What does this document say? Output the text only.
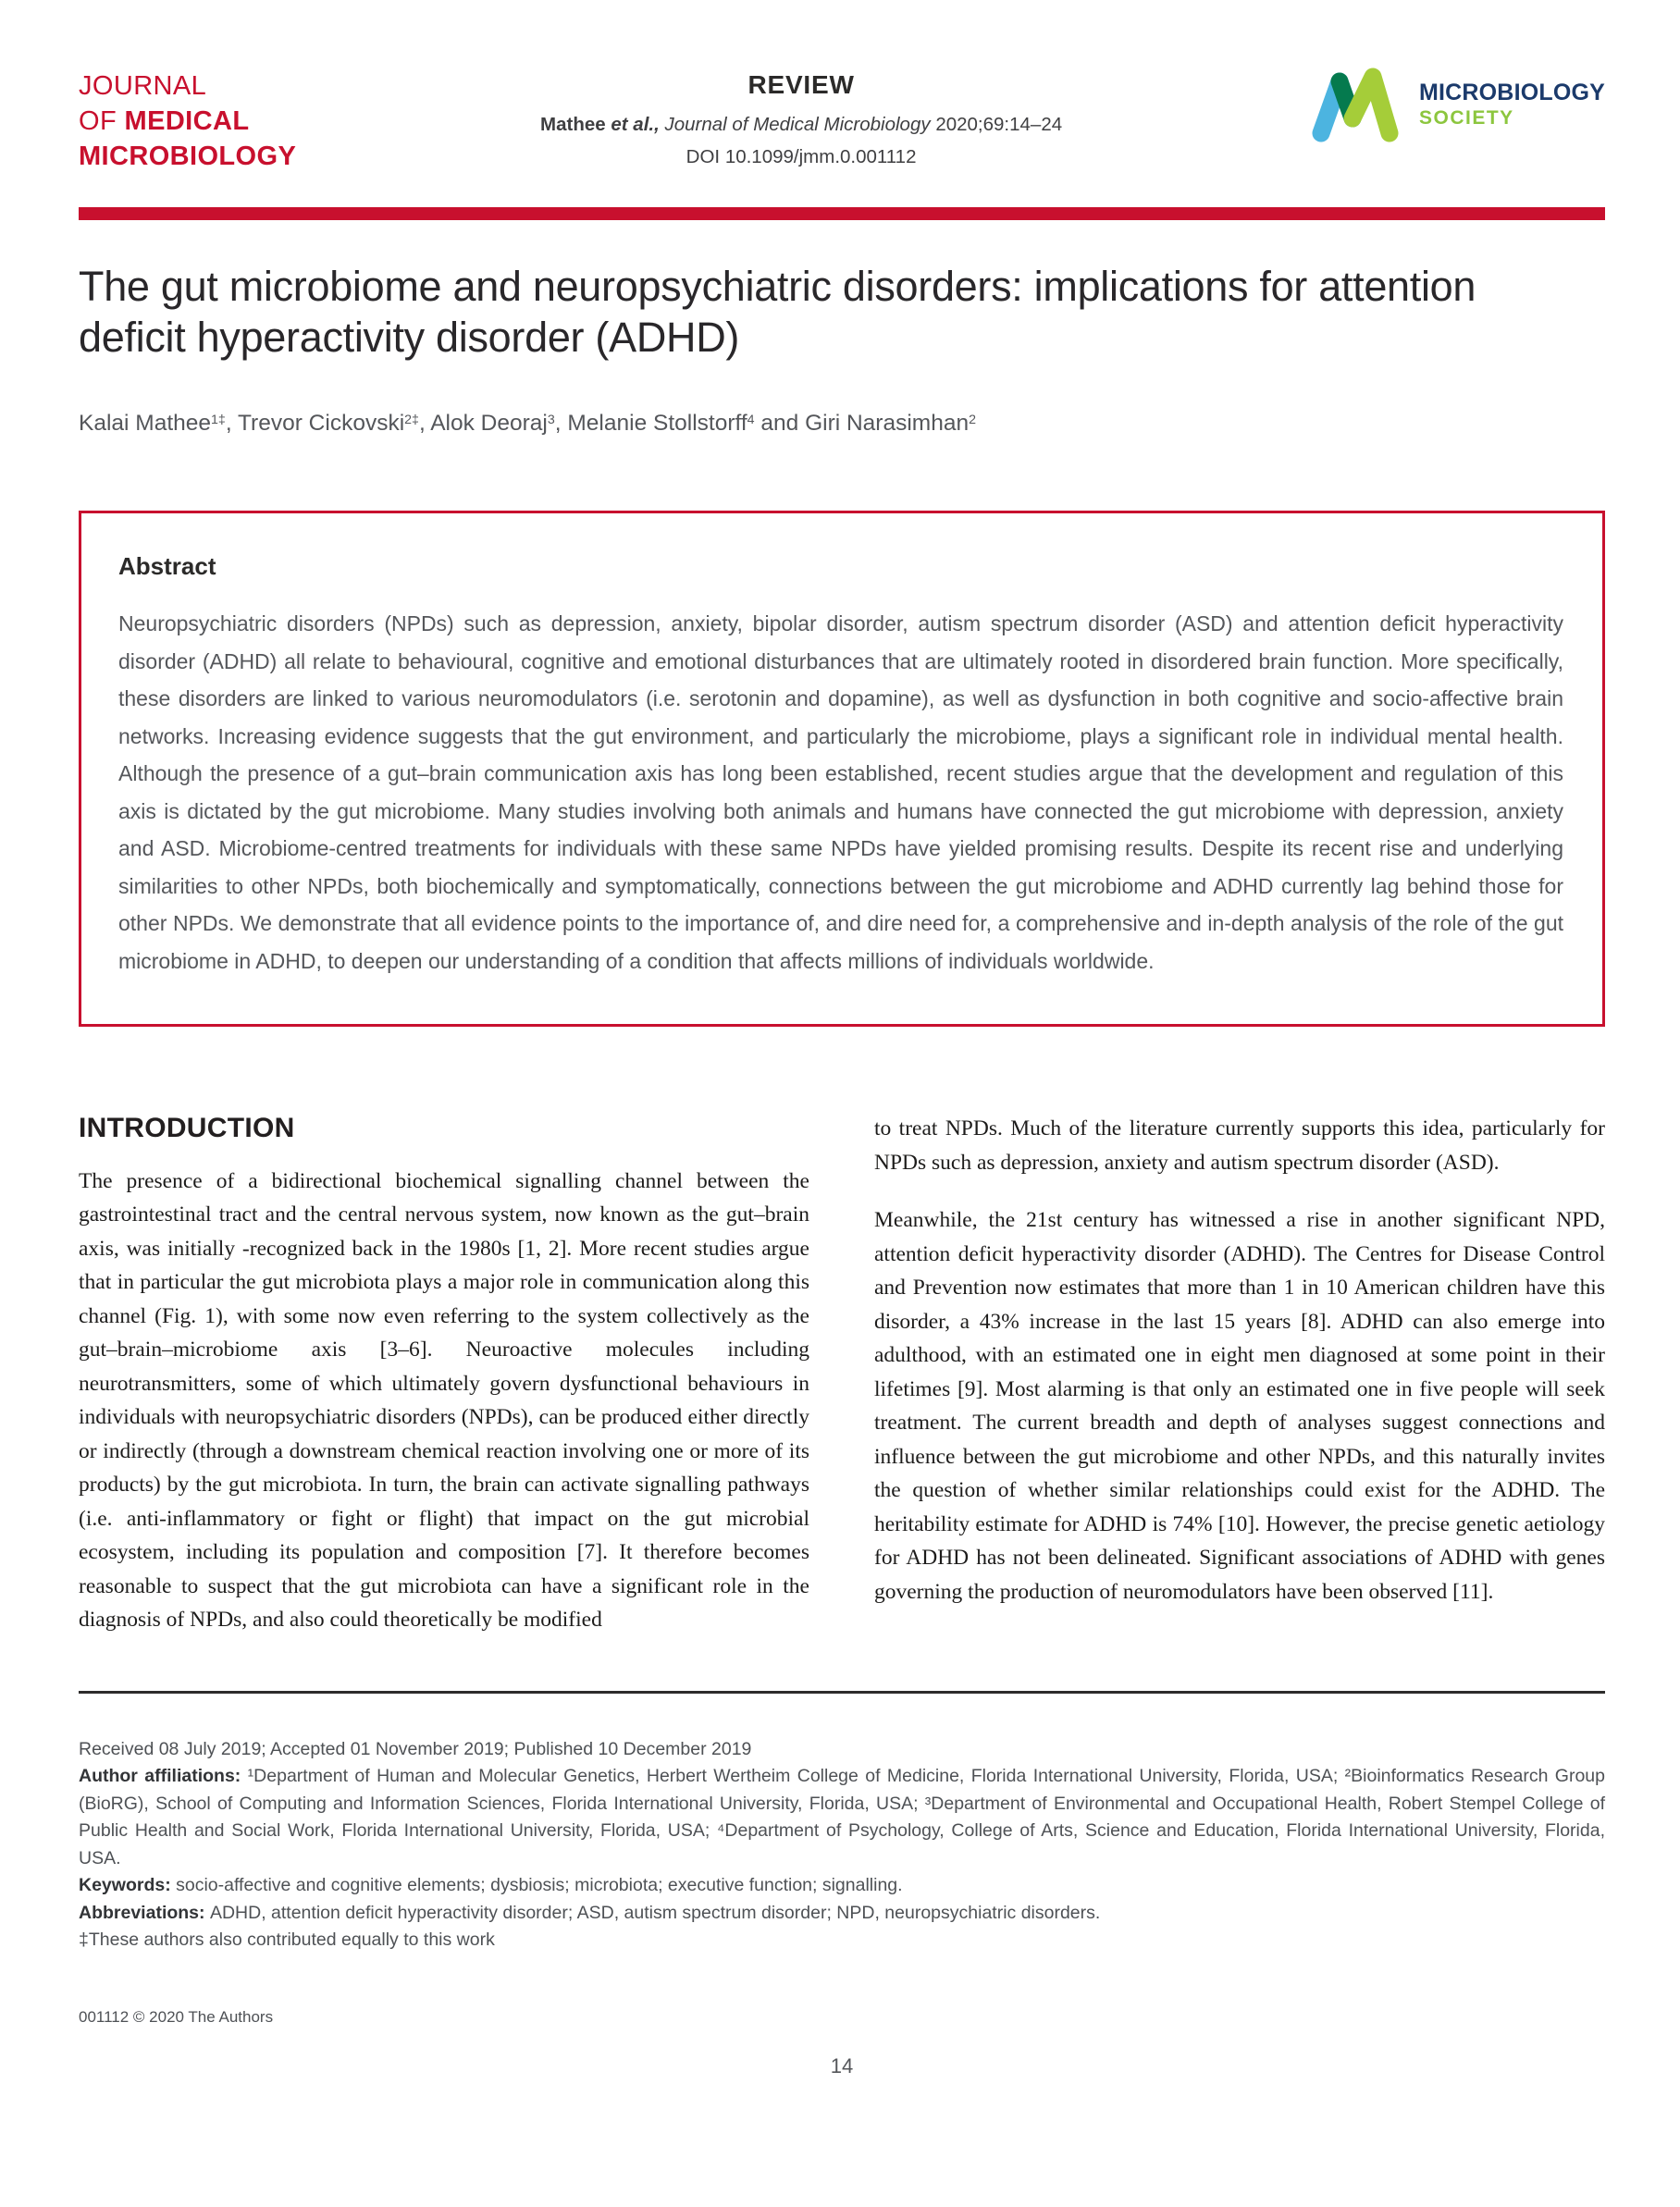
JOURNAL
OF MEDICAL
MICROBIOLOGY
REVIEW
Mathee et al., Journal of Medical Microbiology 2020;69:14–24
DOI 10.1099/jmm.0.001112
MICROBIOLOGY
SOCIETY
The gut microbiome and neuropsychiatric disorders: implications for attention deficit hyperactivity disorder (ADHD)
Kalai Mathee$^{1\ddagger}$, Trevor Cickovski$^{2\ddagger}$, Alok Deoraj$^3$, Melanie Stollstorff$^4$ and Giri Narasimhan$^2$
Abstract
Neuropsychiatric disorders (NPDs) such as depression, anxiety, bipolar disorder, autism spectrum disorder (ASD) and attention deficit hyperactivity disorder (ADHD) all relate to behavioural, cognitive and emotional disturbances that are ultimately rooted in disordered brain function. More specifically, these disorders are linked to various neuromodulators (i.e. serotonin and dopamine), as well as dysfunction in both cognitive and socio-affective brain networks. Increasing evidence suggests that the gut environment, and particularly the microbiome, plays a significant role in individual mental health. Although the presence of a gut–brain communication axis has long been established, recent studies argue that the development and regulation of this axis is dictated by the gut microbiome. Many studies involving both animals and humans have connected the gut microbiome with depression, anxiety and ASD. Microbiome-centred treatments for individuals with these same NPDs have yielded promising results. Despite its recent rise and underlying similarities to other NPDs, both biochemically and symptomatically, connections between the gut microbiome and ADHD currently lag behind those for other NPDs. We demonstrate that all evidence points to the importance of, and dire need for, a comprehensive and in-depth analysis of the role of the gut microbiome in ADHD, to deepen our understanding of a condition that affects millions of individuals worldwide.
INTRODUCTION

The presence of a bidirectional biochemical signalling channel between the gastrointestinal tract and the central nervous system, now known as the gut–brain axis, was initially -recognized back in the 1980s [1, 2]. More recent studies argue that in particular the gut microbiota plays a major role in communication along this channel (Fig. 1), with some now even referring to the system collectively as the gut–brain–microbiome axis [3–6]. Neuroactive molecules including neurotransmitters, some of which ultimately govern dysfunctional behaviours in individuals with neuropsychiatric disorders (NPDs), can be produced either directly or indirectly (through a downstream chemical reaction involving one or more of its products) by the gut microbiota. In turn, the brain can activate signalling pathways (i.e. anti-inflammatory or fight or flight) that impact on the gut microbial ecosystem, including its population and composition [7]. It therefore becomes reasonable to suspect that the gut microbiota can have a significant role in the diagnosis of NPDs, and also could theoretically be modified

to treat NPDs. Much of the literature currently supports this idea, particularly for NPDs such as depression, anxiety and autism spectrum disorder (ASD).

Meanwhile, the 21st century has witnessed a rise in another significant NPD, attention deficit hyperactivity disorder (ADHD). The Centres for Disease Control and Prevention now estimates that more than 1 in 10 American children have this disorder, a 43% increase in the last 15 years [8]. ADHD can also emerge into adulthood, with an estimated one in eight men diagnosed at some point in their lifetimes [9]. Most alarming is that only an estimated one in five people will seek treatment. The current breadth and depth of analyses suggest connections and influence between the gut microbiome and other NPDs, and this naturally invites the question of whether similar relationships could exist for the ADHD. The heritability estimate for ADHD is 74% [10]. However, the precise genetic aetiology for ADHD has not been delineated. Significant associations of ADHD with genes governing the production of neuromodulators have been observed [11].

Received 08 July 2019; Accepted 01 November 2019; Published 10 December 2019
Author affiliations: ¹Department of Human and Molecular Genetics, Herbert Wertheim College of Medicine, Florida International University, Florida, USA; ²Bioinformatics Research Group (BioRG), School of Computing and Information Sciences, Florida International University, Florida, USA; ³Department of Environmental and Occupational Health, Robert Stempel College of Public Health and Social Work, Florida International University, Florida, USA; ⁴Department of Psychology, College of Arts, Science and Education, Florida International University, Florida, USA.
Keywords: socio-affective and cognitive elements; dysbiosis; microbiota; executive function; signalling.
Abbreviations: ADHD, attention deficit hyperactivity disorder; ASD, autism spectrum disorder; NPD, neuropsychiatric disorders.
‡These authors also contributed equally to this work
001112 © 2020 The Authors
14
